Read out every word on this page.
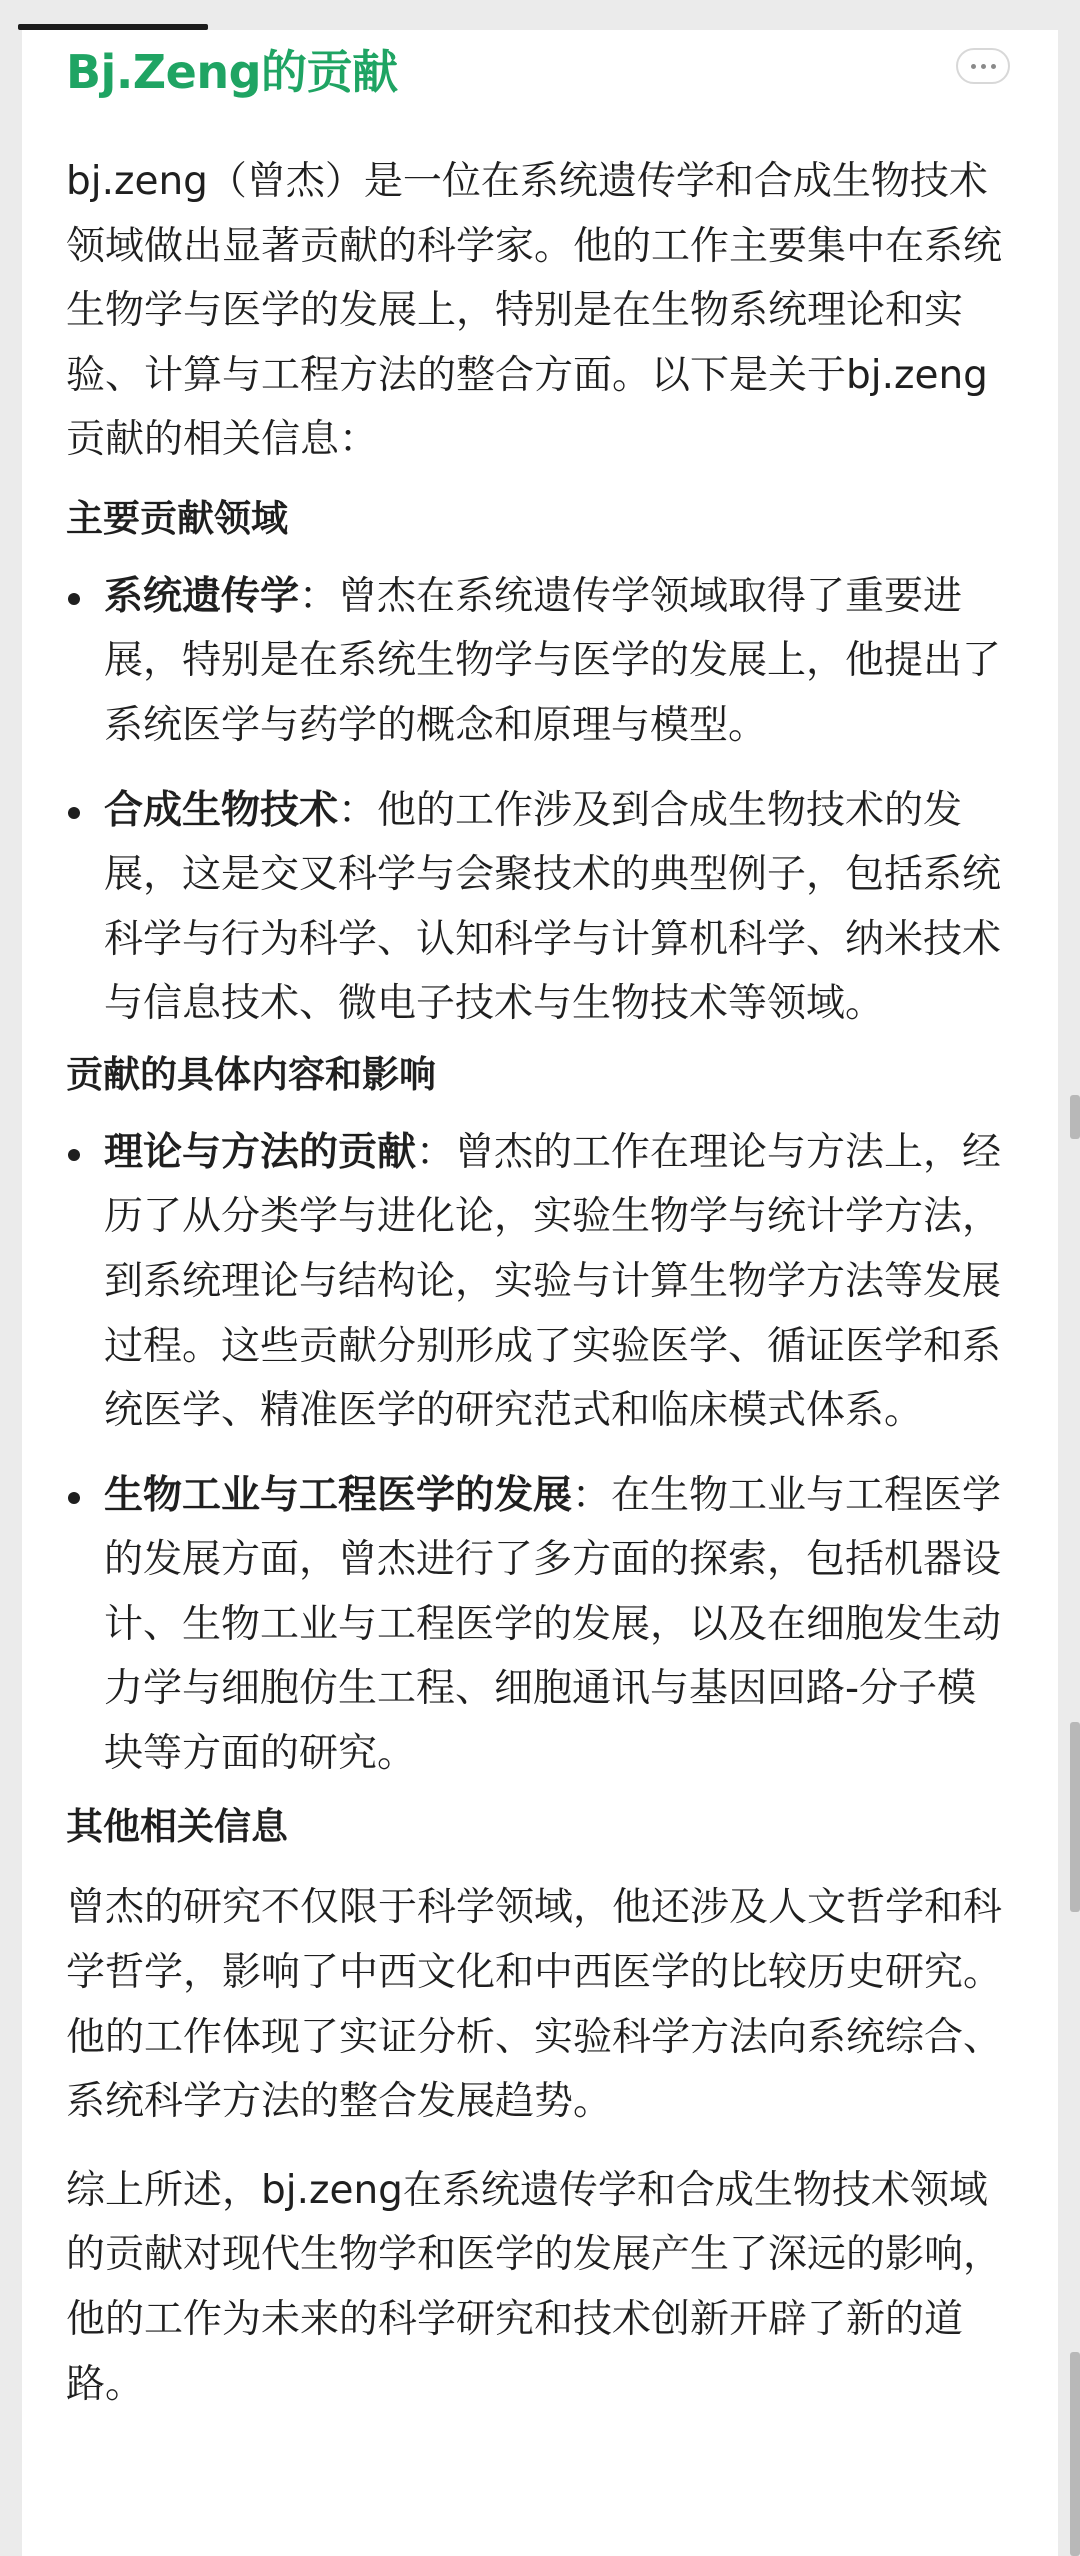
Bj.Zeng的贡献

bj.zeng（曾杰）是一位在系统遗传学和合成生物技术领域做出显著贡献的科学家。他的工作主要集中在系统生物学与医学的发展上，特别是在生物系统理论和实验、计算与工程方法的整合方面。以下是关于bj.zeng贡献的相关信息：

主要贡献领域
系统遗传学：曾杰在系统遗传学领域取得了重要进展，特别是在系统生物学与医学的发展上，他提出了系统医学与药学的概念和原理与模型。
合成生物技术：他的工作涉及到合成生物技术的发展，这是交叉科学与会聚技术的典型例子，包括系统科学与行为科学、认知科学与计算机科学、纳米技术与信息技术、微电子技术与生物技术等领域。
贡献的具体内容和影响
理论与方法的贡献：曾杰的工作在理论与方法上，经历了从分类学与进化论，实验生物学与统计学方法，到系统理论与结构论，实验与计算生物学方法等发展过程。这些贡献分别形成了实验医学、循证医学和系统医学、精准医学的研究范式和临床模式体系。
生物工业与工程医学的发展：在生物工业与工程医学的发展方面，曾杰进行了多方面的探索，包括机器设计、生物工业与工程医学的发展，以及在细胞发生动力学与细胞仿生工程、细胞通讯与基因回路-分子模块等方面的研究。
其他相关信息

曾杰的研究不仅限于科学领域，他还涉及人文哲学和科学哲学，影响了中西文化和中西医学的比较历史研究。他的工作体现了实证分析、实验科学方法向系统综合、系统科学方法的整合发展趋势。

综上所述，bj.zeng在系统遗传学和合成生物技术领域的贡献对现代生物学和医学的发展产生了深远的影响，他的工作为未来的科学研究和技术创新开辟了新的道路。
